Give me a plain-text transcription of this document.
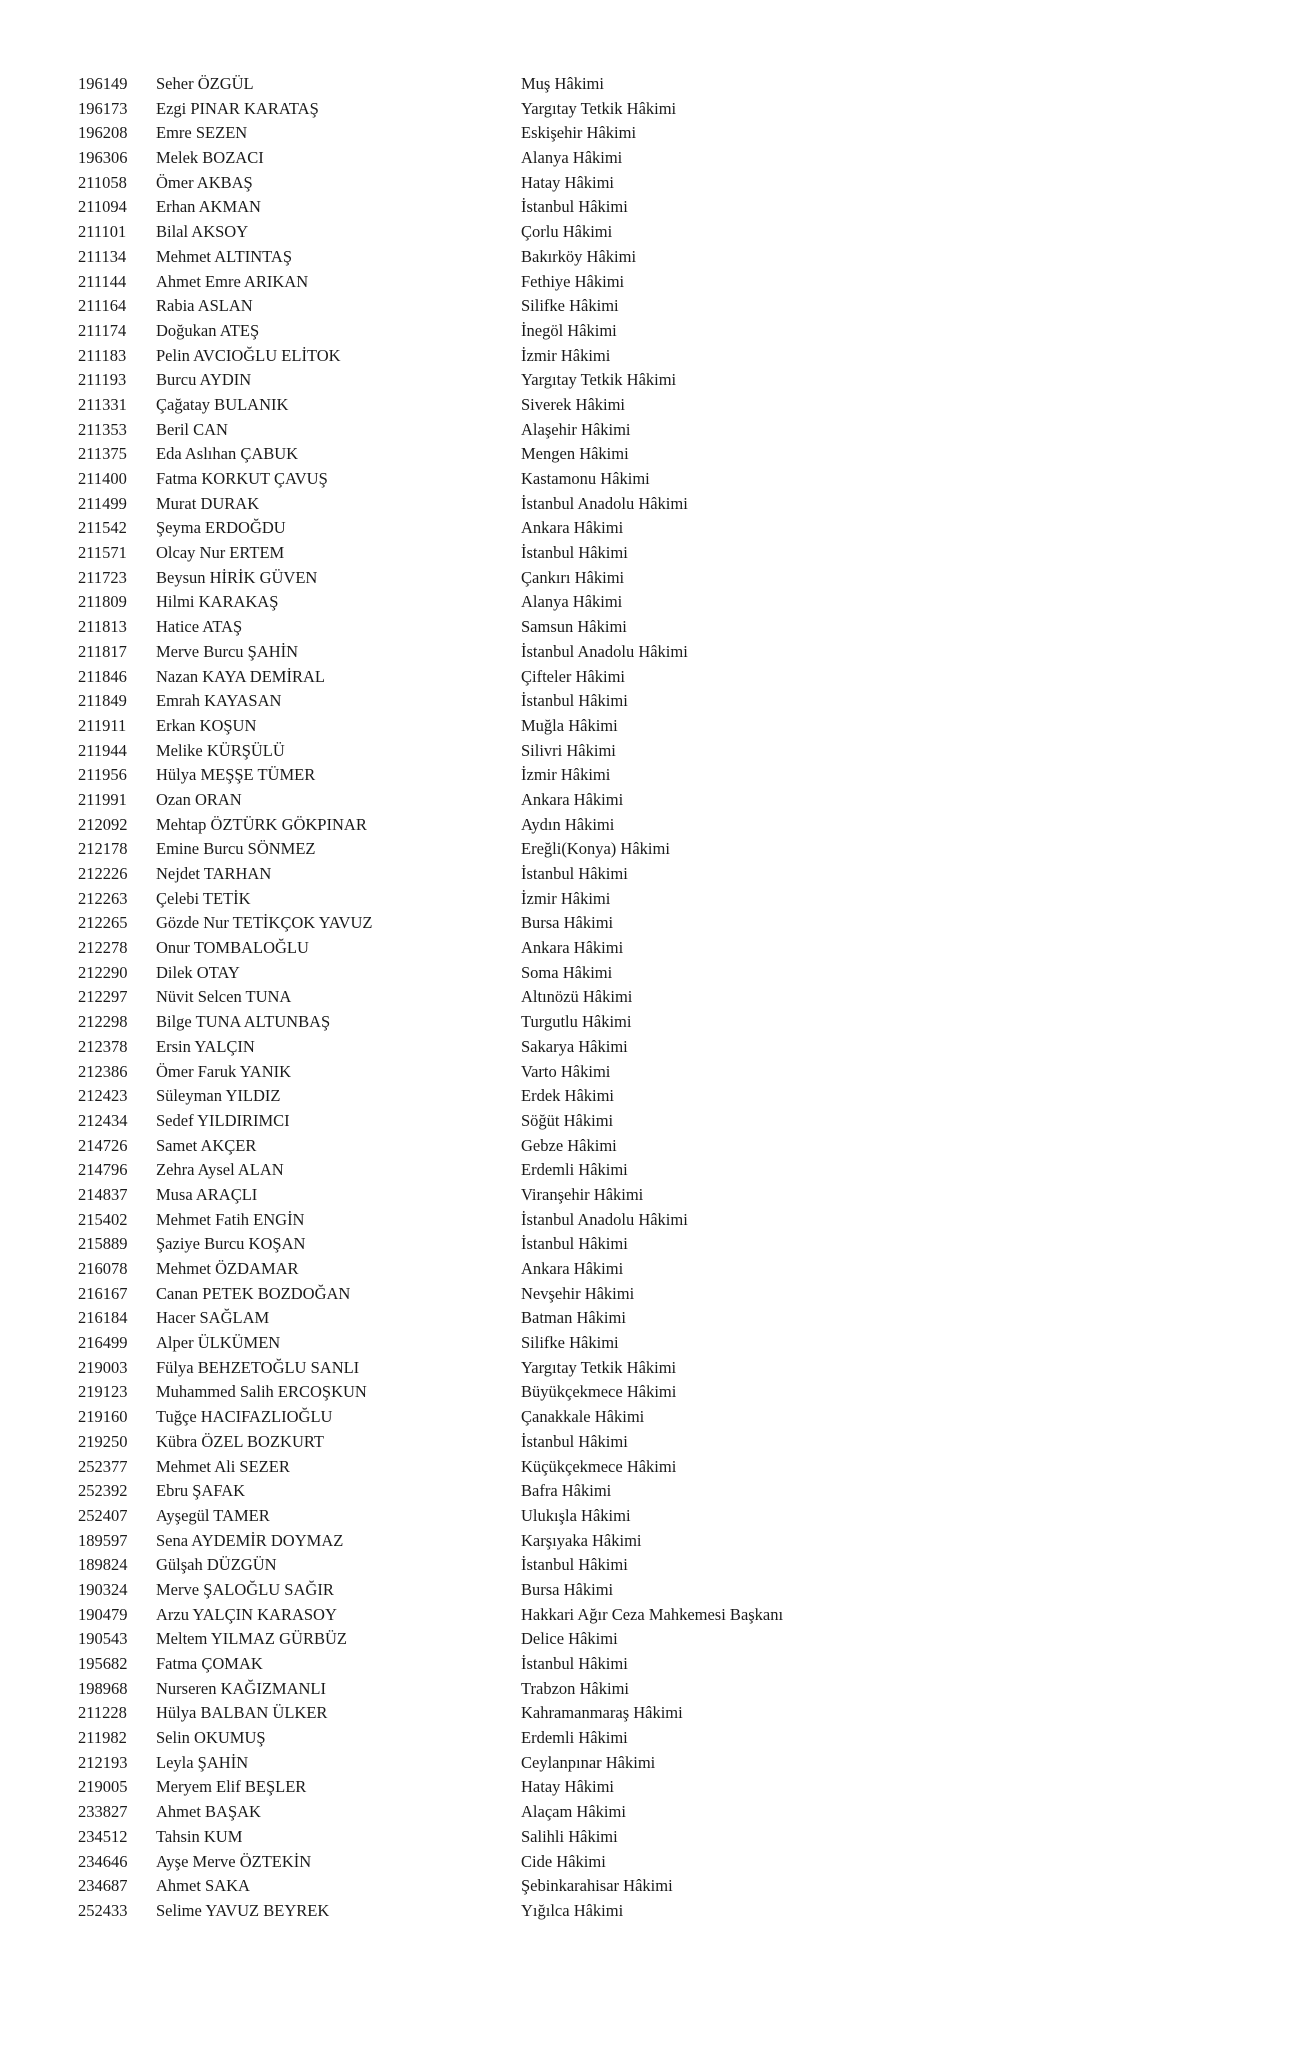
196149	Seher ÖZGÜL	Muş Hâkimi
196173	Ezgi PINAR KARATAŞ	Yargıtay Tetkik Hâkimi
196208	Emre SEZEN	Eskişehir Hâkimi
196306	Melek BOZACI	Alanya Hâkimi
211058	Ömer AKBAŞ	Hatay Hâkimi
211094	Erhan AKMAN	İstanbul Hâkimi
211101	Bilal AKSOY	Çorlu Hâkimi
211134	Mehmet ALTINTAŞ	Bakırköy Hâkimi
211144	Ahmet Emre ARIKAN	Fethiye Hâkimi
211164	Rabia ASLAN	Silifke Hâkimi
211174	Doğukan ATEŞ	İnegöl Hâkimi
211183	Pelin AVCIOĞLU ELİTOK	İzmir Hâkimi
211193	Burcu AYDIN	Yargıtay Tetkik Hâkimi
211331	Çağatay BULANIK	Siverek Hâkimi
211353	Beril CAN	Alaşehir Hâkimi
211375	Eda Aslıhan ÇABUK	Mengen Hâkimi
211400	Fatma KORKUT ÇAVUŞ	Kastamonu Hâkimi
211499	Murat DURAK	İstanbul Anadolu Hâkimi
211542	Şeyma ERDOĞDU	Ankara Hâkimi
211571	Olcay Nur ERTEM	İstanbul Hâkimi
211723	Beysun HİRİK GÜVEN	Çankırı Hâkimi
211809	Hilmi KARAKAŞ	Alanya Hâkimi
211813	Hatice ATAŞ	Samsun Hâkimi
211817	Merve Burcu ŞAHİN	İstanbul Anadolu Hâkimi
211846	Nazan KAYA DEMİRAL	Çifteler Hâkimi
211849	Emrah KAYASAN	İstanbul Hâkimi
211911	Erkan KOŞUN	Muğla Hâkimi
211944	Melike KÜRŞÜLÜ	Silivri Hâkimi
211956	Hülya MEŞŞE TÜMER	İzmir Hâkimi
211991	Ozan ORAN	Ankara Hâkimi
212092	Mehtap ÖZTÜRK GÖKPINAR	Aydın Hâkimi
212178	Emine Burcu SÖNMEZ	Ereğli(Konya) Hâkimi
212226	Nejdet TARHAN	İstanbul Hâkimi
212263	Çelebi TETİK	İzmir Hâkimi
212265	Gözde Nur TETİKÇOK YAVUZ	Bursa Hâkimi
212278	Onur TOMBALOĞLU	Ankara Hâkimi
212290	Dilek OTAY	Soma Hâkimi
212297	Nüvit Selcen TUNA	Altınözü Hâkimi
212298	Bilge TUNA ALTUNBAŞ	Turgutlu Hâkimi
212378	Ersin YALÇIN	Sakarya Hâkimi
212386	Ömer Faruk YANIK	Varto Hâkimi
212423	Süleyman YILDIZ	Erdek Hâkimi
212434	Sedef YILDIRIMCI	Söğüt Hâkimi
214726	Samet AKÇER	Gebze Hâkimi
214796	Zehra Aysel ALAN	Erdemli Hâkimi
214837	Musa ARAÇLI	Viranşehir Hâkimi
215402	Mehmet Fatih ENGİN	İstanbul Anadolu Hâkimi
215889	Şaziye Burcu KOŞAN	İstanbul Hâkimi
216078	Mehmet ÖZDAMAR	Ankara Hâkimi
216167	Canan PETEK BOZDOĞAN	Nevşehir Hâkimi
216184	Hacer SAĞLAM	Batman Hâkimi
216499	Alper ÜLKÜMEN	Silifke Hâkimi
219003	Fülya BEHZETOĞLU SANLI	Yargıtay Tetkik Hâkimi
219123	Muhammed Salih ERCOŞKUN	Büyükçekmece Hâkimi
219160	Tuğçe HACIFAZLIOĞLU	Çanakkale Hâkimi
219250	Kübra ÖZEL BOZKURT	İstanbul Hâkimi
252377	Mehmet Ali SEZER	Küçükçekmece Hâkimi
252392	Ebru ŞAFAK	Bafra Hâkimi
252407	Ayşegül TAMER	Ulukışla Hâkimi
189597	Sena AYDEMİR DOYMAZ	Karşıyaka Hâkimi
189824	Gülşah DÜZGÜN	İstanbul Hâkimi
190324	Merve ŞALOĞLU SAĞIR	Bursa Hâkimi
190479	Arzu YALÇIN KARASOY	Hakkari Ağır Ceza Mahkemesi Başkanı
190543	Meltem YILMAZ GÜRBÜZ	Delice Hâkimi
195682	Fatma ÇOMAK	İstanbul Hâkimi
198968	Nurseren KAĞIZMANLI	Trabzon Hâkimi
211228	Hülya BALBAN ÜLKER	Kahramanmaraş Hâkimi
211982	Selin OKUMUŞ	Erdemli Hâkimi
212193	Leyla ŞAHİN	Ceylanpınar Hâkimi
219005	Meryem Elif BEŞLER	Hatay Hâkimi
233827	Ahmet BAŞAK	Alaçam Hâkimi
234512	Tahsin KUM	Salihli Hâkimi
234646	Ayşe Merve ÖZTEKİN	Cide Hâkimi
234687	Ahmet SAKA	Şebinkarahisar Hâkimi
252433	Selime YAVUZ BEYREK	Yığılca Hâkimi
